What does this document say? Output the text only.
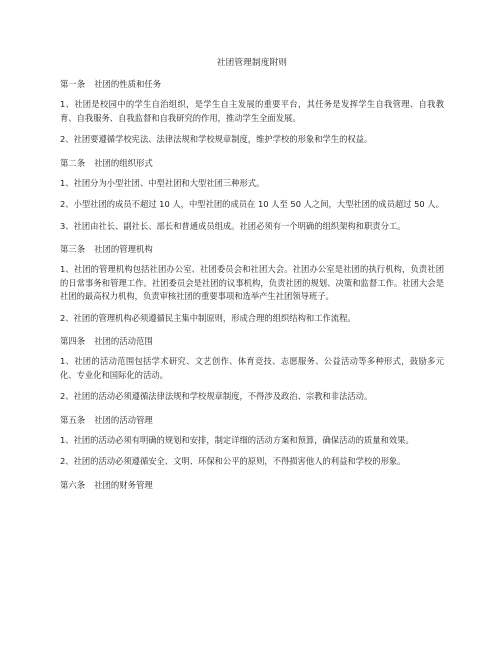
社团管理制度附则
第一条 社团的性质和任务

1、社团是校园中的学生自治组织，是学生自主发展的重要平台，其任务是发挥学生自我管理、自我教育、自我服务、自我监督和自我研究的作用，推动学生全面发展。

2、社团要遵循学校宪法、法律法规和学校规章制度，维护学校的形象和学生的权益。

第二条 社团的组织形式

1、社团分为小型社团、中型社团和大型社团三种形式。

2、小型社团的成员不超过 10 人，中型社团的成员在 10 人至 50 人之间，大型社团的成员超过 50 人。

3、社团由社长、副社长、部长和普通成员组成。社团必须有一个明确的组织架构和职责分工。

第三条 社团的管理机构

1、社团的管理机构包括社团办公室、社团委员会和社团大会。社团办公室是社团的执行机构，负责社团的日常事务和管理工作。社团委员会是社团的议事机构，负责社团的规划、决策和监督工作。社团大会是社团的最高权力机构，负责审核社团的重要事项和选举产生社团领导班子。

2、社团的管理机构必须遵循民主集中制原则，形成合理的组织结构和工作流程。

第四条 社团的活动范围

1、社团的活动范围包括学术研究、文艺创作、体育竞技、志愿服务、公益活动等多种形式，鼓励多元化、专业化和国际化的活动。

2、社团的活动必须遵循法律法规和学校规章制度，不得涉及政治、宗教和非法活动。

第五条 社团的活动管理

1、社团的活动必须有明确的规划和安排，制定详细的活动方案和预算，确保活动的质量和效果。

2、社团的活动必须遵循安全、文明、环保和公平的原则，不得损害他人的利益和学校的形象。

第六条 社团的财务管理
